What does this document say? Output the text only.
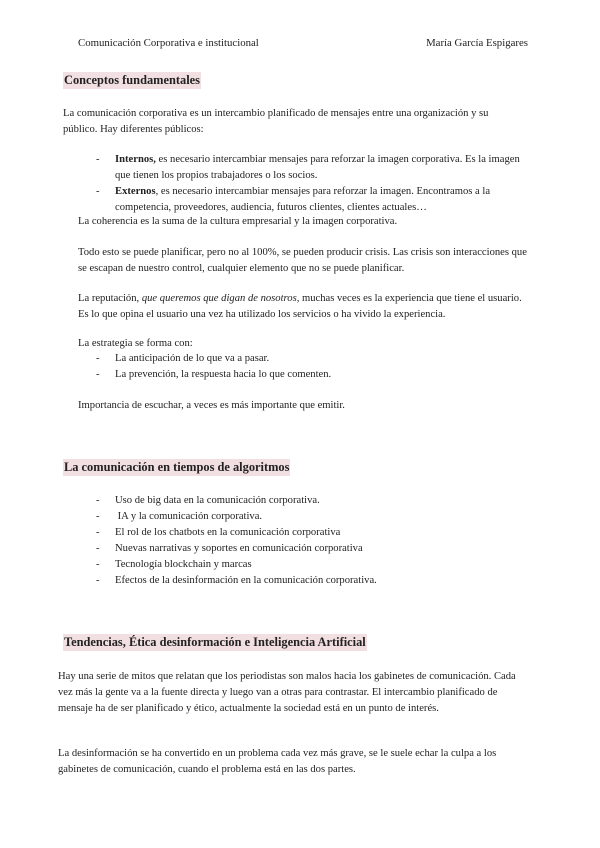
Comunicación Corporativa e institucional	María García Espigares
Conceptos fundamentales
La comunicación corporativa es un intercambio planificado de mensajes entre una organización y su público. Hay diferentes públicos:
- Internos, es necesario intercambiar mensajes para reforzar la imagen corporativa. Es la imagen que tienen los propios trabajadores o los socios.
- Externos, es necesario intercambiar mensajes para reforzar la imagen. Encontramos a la competencia, proveedores, audiencia, futuros clientes, clientes actuales…
La coherencia es la suma de la cultura empresarial y la imagen corporativa.
Todo esto se puede planificar, pero no al 100%, se pueden producir crisis. Las crisis son interacciones que se escapan de nuestro control, cualquier elemento que no se puede planificar.
La reputación, que queremos que digan de nosotros, muchas veces es la experiencia que tiene el usuario. Es lo que opina el usuario una vez ha utilizado los servicios o ha vivido la experiencia.
La estrategia se forma con:
- La anticipación de lo que va a pasar.
- La prevención, la respuesta hacia lo que comenten.
Importancia de escuchar, a veces es más importante que emitir.
La comunicación en tiempos de algoritmos
- Uso de big data en la comunicación corporativa.
-  IA y la comunicación corporativa.
- El rol de los chatbots en la comunicación corporativa
- Nuevas narrativas y soportes en comunicación corporativa
- Tecnología blockchain y marcas
- Efectos de la desinformación en la comunicación corporativa.
Tendencias, Ética desinformación e Inteligencia Artificial
Hay una serie de mitos que relatan que los periodistas son malos hacia los gabinetes de comunicación. Cada vez más la gente va a la fuente directa y luego van a otras para contrastar. El intercambio planificado de mensaje ha de ser planificado y ético, actualmente la sociedad está en un punto de interés.
La desinformación se ha convertido en un problema cada vez más grave, se le suele echar la culpa a los gabinetes de comunicación, cuando el problema está en las dos partes.
